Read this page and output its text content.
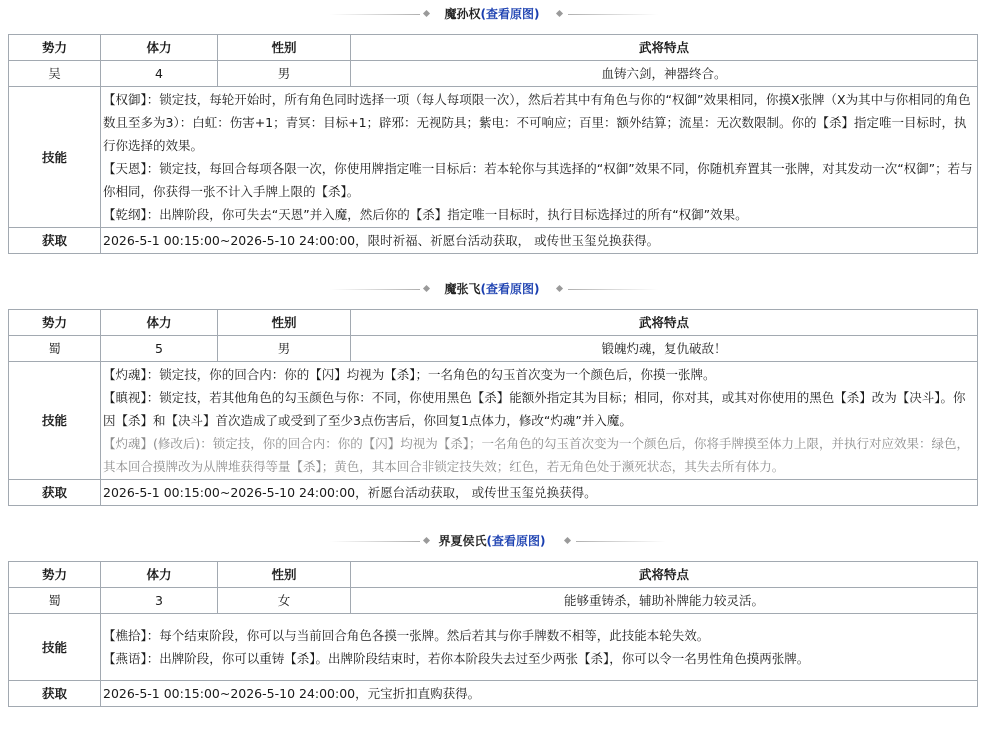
魔孙权(查看原图)
势力	体力	性别	武将特点
吴	4	男	血铸六剑，神器终合。
技能	【权御】：锁定技，每轮开始时，所有角色同时选择一项（每人每项限一次），然后若其中有角色与你的“权御”效果相同，你摸X张牌（X为其中与你相同的角色数且至多为3）：白虹：伤害+1；青冥：目标+1；辟邪：无视防具；紫电：不可响应；百里：额外结算；流星：无次数限制。你的【杀】指定唯一目标时，执行你选择的效果。
【天恩】：锁定技，每回合每项各限一次，你使用牌指定唯一目标后：若本轮你与其选择的“权御”效果不同，你随机弃置其一张牌，对其发动一次“权御”；若与你相同，你获得一张不计入手牌上限的【杀】。
【乾纲】：出牌阶段，你可失去“天恩”并入魔，然后你的【杀】指定唯一目标时，执行目标选择过的所有“权御”效果。		

获取	2026-5-1 00:15:00~2026-5-10 24:00:00，限时祈福、祈愿台活动获取， 或传世玉玺兑换获得。		
魔张飞(查看原图)
势力	体力	性别	武将特点
蜀	5	男	锻魄灼魂，复仇破敌！
技能	【灼魂】：锁定技，你的回合内：你的【闪】均视为【杀】；一名角色的勾玉首次变为一个颜色后，你摸一张牌。
【瞋视】：锁定技，若其他角色的勾玉颜色与你：不同，你使用黑色【杀】能额外指定其为目标；相同，你对其，或其对你使用的黑色【杀】改为【决斗】。你因【杀】和【决斗】首次造成了或受到了至少3点伤害后，你回复1点体力，修改“灼魂”并入魔。
【灼魂】(修改后)：锁定技，你的回合内：你的【闪】均视为【杀】；一名角色的勾玉首次变为一个颜色后，你将手牌摸至体力上限，并执行对应效果：绿色，其本回合摸牌改为从牌堆获得等量【杀】；黄色，其本回合非锁定技失效；红色，若无角色处于濒死状态，其失去所有体力。		

获取	2026-5-1 00:15:00~2026-5-10 24:00:00，祈愿台活动获取， 或传世玉玺兑换获得。		
界夏侯氏(查看原图)
势力	体力	性别	武将特点
蜀	3	女	能够重铸杀，辅助补牌能力较灵活。
技能	【樵拾】：每个结束阶段，你可以与当前回合角色各摸一张牌。然后若其与你手牌数不相等，此技能本轮失效。
【燕语】：出牌阶段，你可以重铸【杀】。出牌阶段结束时，若你本阶段失去过至少两张【杀】，你可以令一名男性角色摸两张牌。		

获取	2026-5-1 00:15:00~2026-5-10 24:00:00，元宝折扣直购获得。		
